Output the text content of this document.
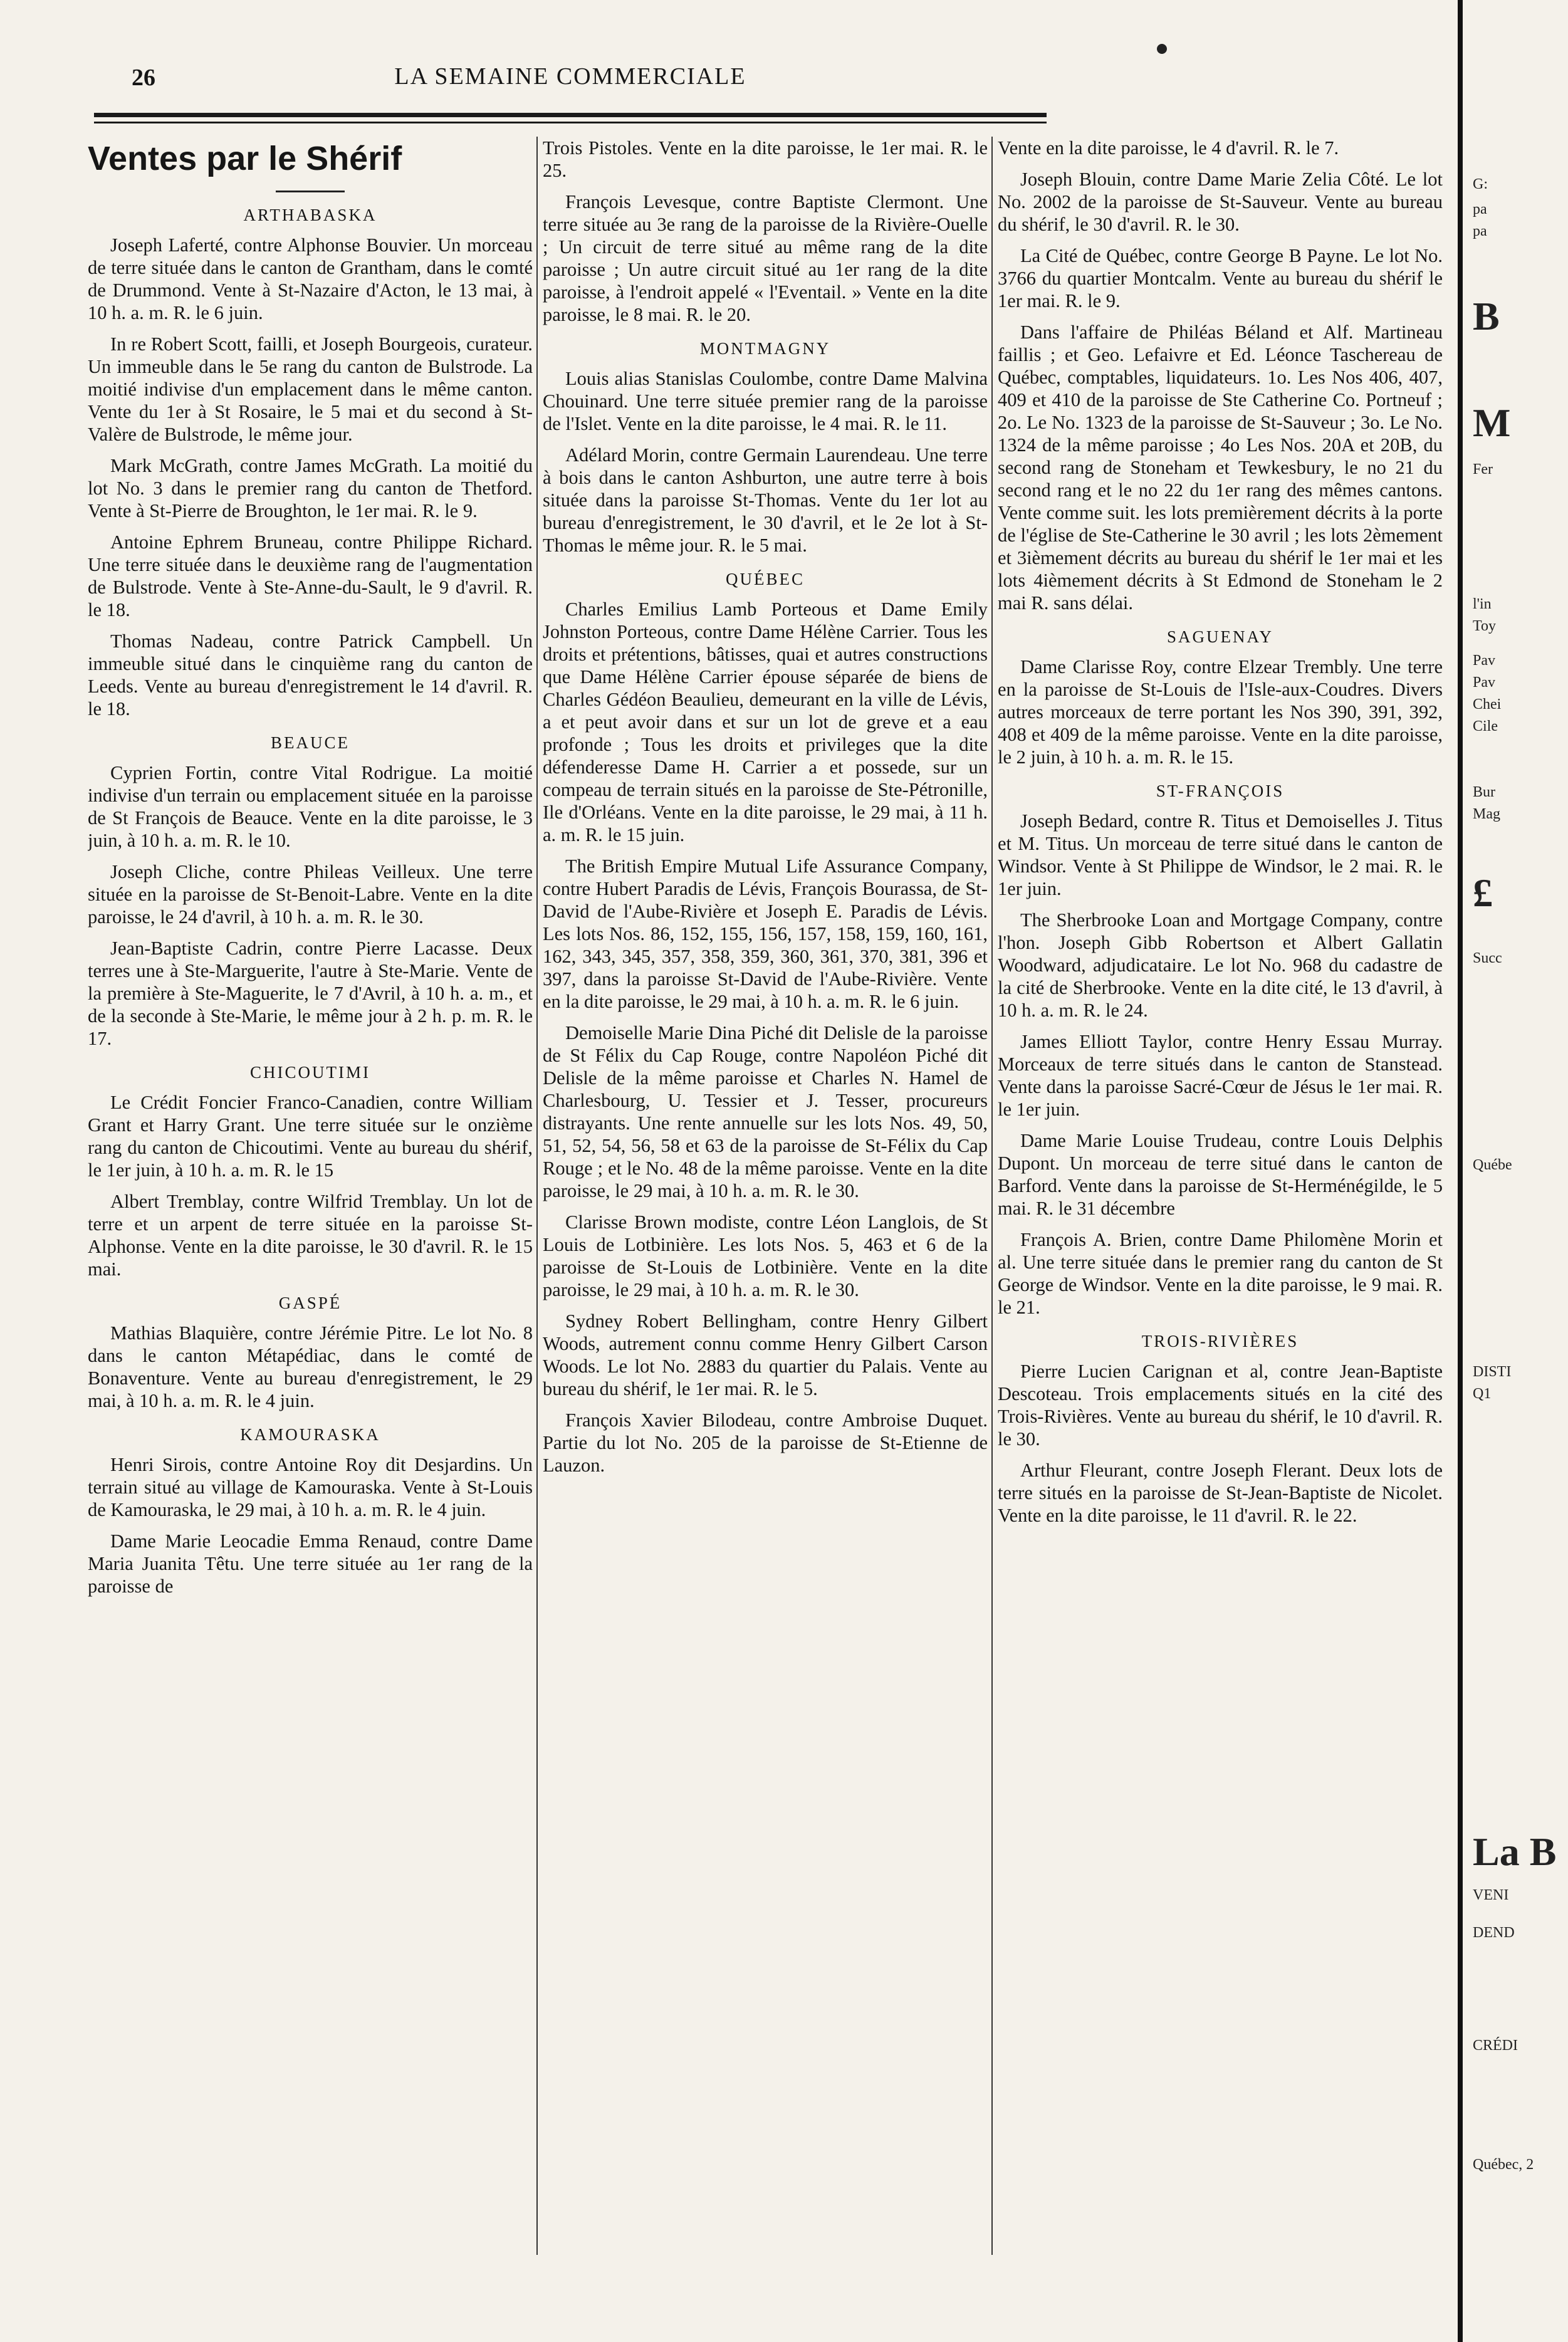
26	LA SEMAINE COMMERCIALE
Ventes par le Shérif
ARTHABASKA

Joseph Laferté, contre Alphonse Bouvier. Un morceau de terre située dans le canton de Grantham, dans le comté de Drummond. Vente à St-Nazaire d'Acton, le 13 mai, à 10 h. a. m. R. le 6 juin.

In re Robert Scott, failli, et Joseph Bourgeois, curateur. Un immeuble dans le 5e rang du canton de Bulstrode. La moitié indivise d'un emplacement dans le même canton. Vente du 1er à St Rosaire, le 5 mai et du second à St-Valère de Bulstrode, le même jour.

Mark McGrath, contre James McGrath. La moitié du lot No. 3 dans le premier rang du canton de Thetford. Vente à St-Pierre de Broughton, le 1er mai. R. le 9.

Antoine Ephrem Bruneau, contre Philippe Richard. Une terre située dans le deuxième rang de l'augmentation de Bulstrode. Vente à Ste-Anne-du-Sault, le 9 d'avril. R. le 18.

Thomas Nadeau, contre Patrick Campbell. Un immeuble situé dans le cinquième rang du canton de Leeds. Vente au bureau d'enregistrement le 14 d'avril. R. le 18.

BEAUCE

Cyprien Fortin, contre Vital Rodrigue. La moitié indivise d'un terrain ou emplacement située en la paroisse de St François de Beauce. Vente en la dite paroisse, le 3 juin, à 10 h. a. m. R. le 10.

Joseph Cliche, contre Phileas Veilleux. Une terre située en la paroisse de St-Benoit-Labre. Vente en la dite paroisse, le 24 d'avril, à 10 h. a. m. R. le 30.

Jean-Baptiste Cadrin, contre Pierre Lacasse. Deux terres une à Ste-Marguerite, l'autre à Ste-Marie. Vente de la première à Ste-Maguerite, le 7 d'Avril, à 10 h. a. m., et de la seconde à Ste-Marie, le même jour à 2 h. p. m. R. le 17.

CHICOUTIMI

Le Crédit Foncier Franco-Canadien, contre William Grant et Harry Grant. Une terre située sur le onzième rang du canton de Chicoutimi. Vente au bureau du shérif, le 1er juin, à 10 h. a. m. R. le 15

Albert Tremblay, contre Wilfrid Tremblay. Un lot de terre et un arpent de terre située en la paroisse St-Alphonse. Vente en la dite paroisse, le 30 d'avril. R. le 15 mai.

GASPÉ

Mathias Blaquière, contre Jérémie Pitre. Le lot No. 8 dans le canton Métapédiac, dans le comté de Bonaventure. Vente au bureau d'enregistrement, le 29 mai, à 10 h. a. m. R. le 4 juin.

KAMOURASKA

Henri Sirois, contre Antoine Roy dit Desjardins. Un terrain situé au village de Kamouraska. Vente à St-Louis de Kamouraska, le 29 mai, à 10 h. a. m. R. le 4 juin.

Dame Marie Leocadie Emma Renaud, contre Dame Maria Juanita Têtu. Une terre située au 1er rang de la paroisse de

Trois Pistoles. Vente en la dite paroisse, le 1er mai. R. le 25.

François Levesque, contre Baptiste Clermont. Une terre située au 3e rang de la paroisse de la Rivière-Ouelle ; Un circuit de terre situé au même rang de la dite paroisse ; Un autre circuit situé au 1er rang de la dite paroisse, à l'endroit appelé « l'Eventail. » Vente en la dite paroisse, le 8 mai. R. le 20.

MONTMAGNY

Louis alias Stanislas Coulombe, contre Dame Malvina Chouinard. Une terre située premier rang de la paroisse de l'Islet. Vente en la dite paroisse, le 4 mai. R. le 11.

Adélard Morin, contre Germain Laurendeau. Une terre à bois dans le canton Ashburton, une autre terre à bois située dans la paroisse St-Thomas. Vente du 1er lot au bureau d'enregistrement, le 30 d'avril, et le 2e lot à St-Thomas le même jour. R. le 5 mai.

QUÉBEC

Charles Emilius Lamb Porteous et Dame Emily Johnston Porteous, contre Dame Hélène Carrier. Tous les droits et prétentions, bâtisses, quai et autres constructions que Dame Hélène Carrier épouse séparée de biens de Charles Gédéon Beaulieu, demeurant en la ville de Lévis, a et peut avoir dans et sur un lot de greve et a eau profonde ; Tous les droits et privileges que la dite défenderesse Dame H. Carrier a et possede, sur un compeau de terrain situés en la paroisse de Ste-Pétronille, Ile d'Orléans. Vente en la dite paroisse, le 29 mai, à 11 h. a. m. R. le 15 juin.

The British Empire Mutual Life Assurance Company, contre Hubert Paradis de Lévis, François Bourassa, de St-David de l'Aube-Rivière et Joseph E. Paradis de Lévis. Les lots Nos. 86, 152, 155, 156, 157, 158, 159, 160, 161, 162, 343, 345, 357, 358, 359, 360, 361, 370, 381, 396 et 397, dans la paroisse St-David de l'Aube-Rivière. Vente en la dite paroisse, le 29 mai, à 10 h. a. m. R. le 6 juin.

Demoiselle Marie Dina Piché dit Delisle de la paroisse de St Félix du Cap Rouge, contre Napoléon Piché dit Delisle de la même paroisse et Charles N. Hamel de Charlesbourg, U. Tessier et J. Tesser, procureurs distrayants. Une rente annuelle sur les lots Nos. 49, 50, 51, 52, 54, 56, 58 et 63 de la paroisse de St-Félix du Cap Rouge ; et le No. 48 de la même paroisse. Vente en la dite paroisse, le 29 mai, à 10 h. a. m. R. le 30.

Clarisse Brown modiste, contre Léon Langlois, de St Louis de Lotbinière. Les lots Nos. 5, 463 et 6 de la paroisse de St-Louis de Lotbinière. Vente en la dite paroisse, le 29 mai, à 10 h. a. m. R. le 30.

Sydney Robert Bellingham, contre Henry Gilbert Woods, autrement connu comme Henry Gilbert Carson Woods. Le lot No. 2883 du quartier du Palais. Vente au bureau du shérif, le 1er mai. R. le 5.

François Xavier Bilodeau, contre Ambroise Duquet. Partie du lot No. 205 de la paroisse de St-Etienne de Lauzon.

Vente en la dite paroisse, le 4 d'avril. R. le 7.

Joseph Blouin, contre Dame Marie Zelia Côté. Le lot No. 2002 de la paroisse de St-Sauveur. Vente au bureau du shérif, le 30 d'avril. R. le 30.

La Cité de Québec, contre George B Payne. Le lot No. 3766 du quartier Montcalm. Vente au bureau du shérif le 1er mai. R. le 9.

Dans l'affaire de Philéas Béland et Alf. Martineau faillis ; et Geo. Lefaivre et Ed. Léonce Taschereau de Québec, comptables, liquidateurs. 1o. Les Nos 406, 407, 409 et 410 de la paroisse de Ste Catherine Co. Portneuf ; 2o. Le No. 1323 de la paroisse de St-Sauveur ; 3o. Le No. 1324 de la même paroisse ; 4o Les Nos. 20A et 20B, du second rang de Stoneham et Tewkesbury, le no 21 du second rang et le no 22 du 1er rang des mêmes cantons. Vente comme suit. les lots premièrement décrits à la porte de l'église de Ste-Catherine le 30 avril ; les lots 2èmement et 3ièmement décrits au bureau du shérif le 1er mai et les lots 4ièmement décrits à St Edmond de Stoneham le 2 mai R. sans délai.

SAGUENAY

Dame Clarisse Roy, contre Elzear Trembly. Une terre en la paroisse de St-Louis de l'Isle-aux-Coudres. Divers autres morceaux de terre portant les Nos 390, 391, 392, 408 et 409 de la même paroisse. Vente en la dite paroisse, le 2 juin, à 10 h. a. m. R. le 15.

ST-FRANÇOIS

Joseph Bedard, contre R. Titus et Demoiselles J. Titus et M. Titus. Un morceau de terre situé dans le canton de Windsor. Vente à St Philippe de Windsor, le 2 mai. R. le 1er juin.

The Sherbrooke Loan and Mortgage Company, contre l'hon. Joseph Gibb Robertson et Albert Gallatin Woodward, adjudicataire. Le lot No. 968 du cadastre de la cité de Sherbrooke. Vente en la dite cité, le 13 d'avril, à 10 h. a. m. R. le 24.

James Elliott Taylor, contre Henry Essau Murray. Morceaux de terre situés dans le canton de Stanstead. Vente dans la paroisse Sacré-Cœur de Jésus le 1er mai. R. le 1er juin.

Dame Marie Louise Trudeau, contre Louis Delphis Dupont. Un morceau de terre situé dans le canton de Barford. Vente dans la paroisse de St-Herménégilde, le 5 mai. R. le 31 décembre

François A. Brien, contre Dame Philomène Morin et al. Une terre située dans le premier rang du canton de St George de Windsor. Vente en la dite paroisse, le 9 mai. R. le 21.

TROIS-RIVIÈRES

Pierre Lucien Carignan et al, contre Jean-Baptiste Descoteau. Trois emplacements situés en la cité des Trois-Rivières. Vente au bureau du shérif, le 10 d'avril. R. le 30.

Arthur Fleurant, contre Joseph Flerant. Deux lots de terre situés en la paroisse de St-Jean-Baptiste de Nicolet. Vente en la dite paroisse, le 11 d'avril. R. le 22.

G:
pa
pa
Fer
l'in
Toy
Pav
Pav
Chei
Cile
Bur
Mag
Succ
Québe
DISTI
Q1
VENI
DEND
CRÉDI
Québec, 2
B
M
£
La B
